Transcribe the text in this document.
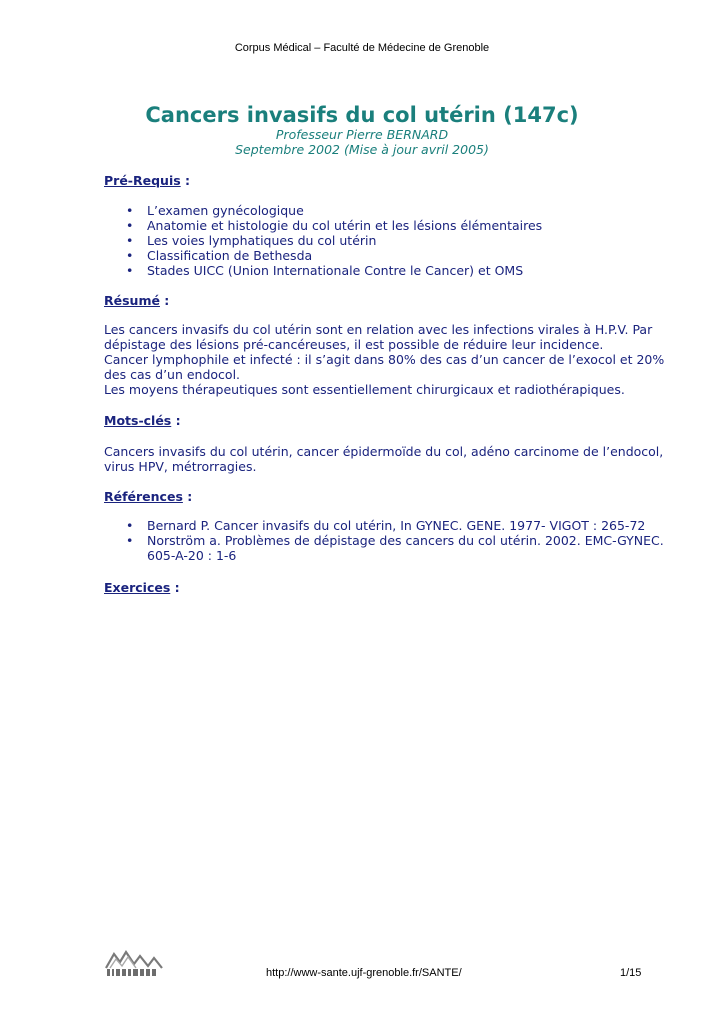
Corpus Médical – Faculté de Médecine de Grenoble
Cancers invasifs du col utérin (147c)
Professeur Pierre BERNARD
Septembre 2002 (Mise à jour avril 2005)
Pré-Requis :
• L’examen gynécologique
• Anatomie et histologie du col utérin et les lésions élémentaires
• Les voies lymphatiques du col utérin
• Classification de Bethesda
• Stades UICC (Union Internationale Contre le Cancer) et OMS
Résumé :
Les cancers invasifs du col utérin sont en relation avec les infections virales à H.P.V. Par
dépistage des lésions pré-cancéreuses, il est possible de réduire leur incidence.
Cancer lymphophile et infecté : il s’agit dans 80% des cas d’un cancer de l’exocol et 20%
des cas d’un endocol.
Les moyens thérapeutiques sont essentiellement chirurgicaux et radiothérapiques.
Mots-clés :
Cancers invasifs du col utérin, cancer épidermoïde du col, adéno carcinome de l’endocol,
virus HPV, métrorragies.
Références :
• Bernard P. Cancer invasifs du col utérin, In GYNEC. GENE. 1977- VIGOT : 265-72
• Norström a. Problèmes de dépistage des cancers du col utérin. 2002. EMC-GYNEC.
605-A-20 : 1-6
Exercices :
http://www-sante.ujf-grenoble.fr/SANTE/	1/15
